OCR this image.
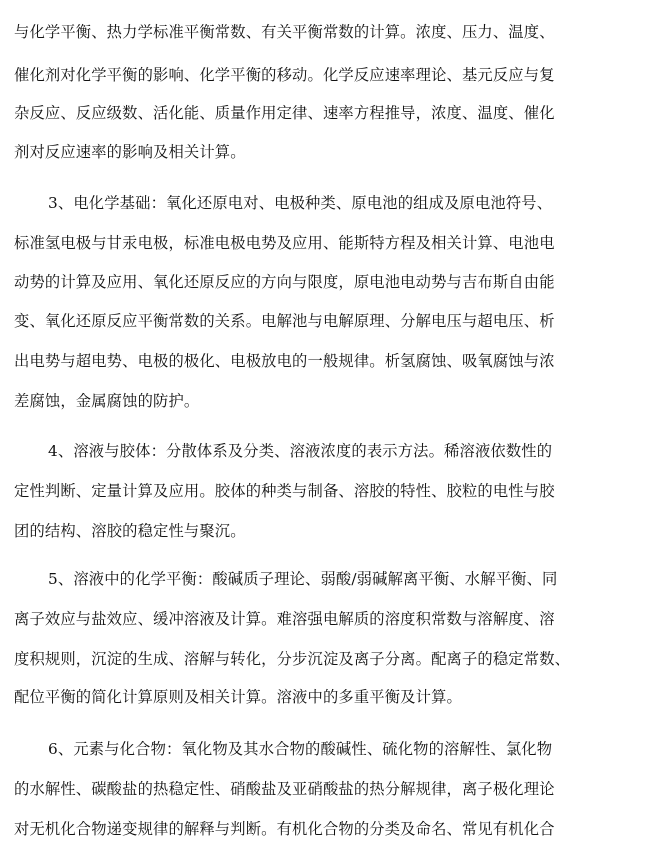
与化学平衡、热力学标准平衡常数、有关平衡常数的计算。浓度、压力、温度、
催化剂对化学平衡的影响、化学平衡的移动。化学反应速率理论、基元反应与复
杂反应、反应级数、活化能、质量作用定律、速率方程推导，浓度、温度、催化
剂对反应速率的影响及相关计算。
3、电化学基础：氧化还原电对、电极种类、原电池的组成及原电池符号、
标准氢电极与甘汞电极，标准电极电势及应用、能斯特方程及相关计算、电池电
动势的计算及应用、氧化还原反应的方向与限度，原电池电动势与吉布斯自由能
变、氧化还原反应平衡常数的关系。电解池与电解原理、分解电压与超电压、析
出电势与超电势、电极的极化、电极放电的一般规律。析氢腐蚀、吸氧腐蚀与浓
差腐蚀，金属腐蚀的防护。
4、溶液与胶体：分散体系及分类、溶液浓度的表示方法。稀溶液依数性的
定性判断、定量计算及应用。胶体的种类与制备、溶胶的特性、胶粒的电性与胶
团的结构、溶胶的稳定性与聚沉。
5、溶液中的化学平衡：酸碱质子理论、弱酸/弱碱解离平衡、水解平衡、同
离子效应与盐效应、缓冲溶液及计算。难溶强电解质的溶度积常数与溶解度、溶
度积规则，沉淀的生成、溶解与转化，分步沉淀及离子分离。配离子的稳定常数、
配位平衡的简化计算原则及相关计算。溶液中的多重平衡及计算。
6、元素与化合物：氧化物及其水合物的酸碱性、硫化物的溶解性、氯化物
的水解性、碳酸盐的热稳定性、硝酸盐及亚硝酸盐的热分解规律，离子极化理论
对无机化合物递变规律的解释与判断。有机化合物的分类及命名、常见有机化合
